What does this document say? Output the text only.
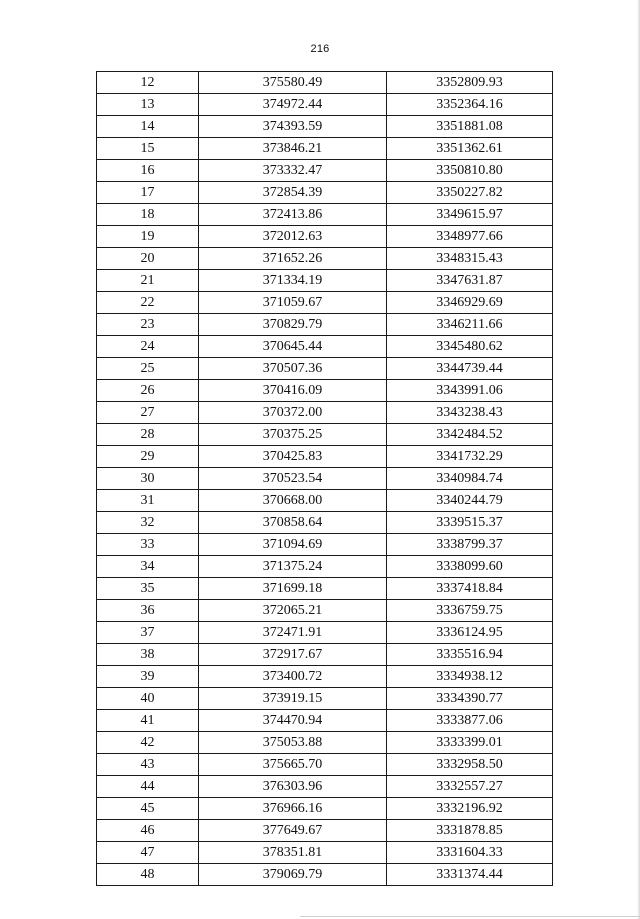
216
12	375580.49	3352809.93
13	374972.44	3352364.16
14	374393.59	3351881.08
15	373846.21	3351362.61
16	373332.47	3350810.80
17	372854.39	3350227.82
18	372413.86	3349615.97
19	372012.63	3348977.66
20	371652.26	3348315.43
21	371334.19	3347631.87
22	371059.67	3346929.69
23	370829.79	3346211.66
24	370645.44	3345480.62
25	370507.36	3344739.44
26	370416.09	3343991.06
27	370372.00	3343238.43
28	370375.25	3342484.52
29	370425.83	3341732.29
30	370523.54	3340984.74
31	370668.00	3340244.79
32	370858.64	3339515.37
33	371094.69	3338799.37
34	371375.24	3338099.60
35	371699.18	3337418.84
36	372065.21	3336759.75
37	372471.91	3336124.95
38	372917.67	3335516.94
39	373400.72	3334938.12
40	373919.15	3334390.77
41	374470.94	3333877.06
42	375053.88	3333399.01
43	375665.70	3332958.50
44	376303.96	3332557.27
45	376966.16	3332196.92
46	377649.67	3331878.85
47	378351.81	3331604.33
48	379069.79	3331374.44
